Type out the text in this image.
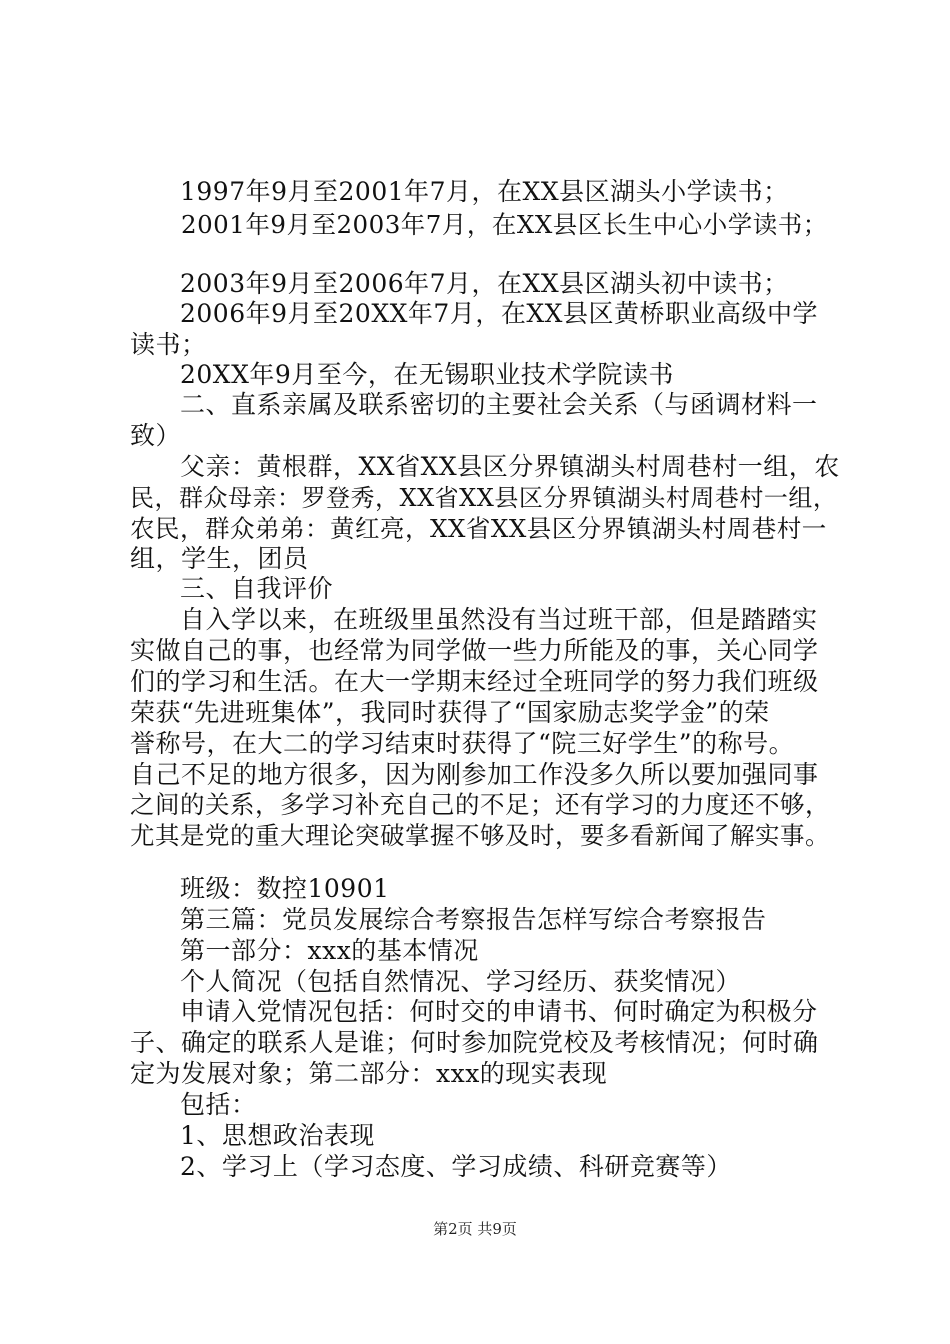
1997年9月至2001年7月，在XX县区湖头小学读书；
2001年9月至2003年7月，在XX县区长生中心小学读书；
2003年9月至2006年7月，在XX县区湖头初中读书；
2006年9月至20XX年7月，在XX县区黄桥职业高级中学
读书；
20XX年9月至今，在无锡职业技术学院读书
二、直系亲属及联系密切的主要社会关系（与函调材料一
致）
父亲：黄根群，XX省XX县区分界镇湖头村周巷村一组，农
民，群众母亲：罗登秀，XX省XX县区分界镇湖头村周巷村一组，
农民，群众弟弟：黄红亮，XX省XX县区分界镇湖头村周巷村一
组，学生，团员
三、自我评价
自入学以来，在班级里虽然没有当过班干部，但是踏踏实
实做自己的事，也经常为同学做一些力所能及的事，关心同学
们的学习和生活。在大一学期末经过全班同学的努力我们班级
荣获“先进班集体”，我同时获得了“国家励志奖学金”的荣
誉称号，在大二的学习结束时获得了“院三好学生”的称号。
自己不足的地方很多，因为刚参加工作没多久所以要加强同事
之间的关系，多学习补充自己的不足；还有学习的力度还不够，
尤其是党的重大理论突破掌握不够及时，要多看新闻了解实事。
班级：数控10901
第三篇：党员发展综合考察报告怎样写综合考察报告
第一部分：xxx的基本情况
个人简况（包括自然情况、学习经历、获奖情况）
申请入党情况包括：何时交的申请书、何时确定为积极分
子、确定的联系人是谁；何时参加院党校及考核情况；何时确
定为发展对象；第二部分：xxx的现实表现
包括：
1、思想政治表现
2、学习上（学习态度、学习成绩、科研竞赛等）
第2页 共9页
